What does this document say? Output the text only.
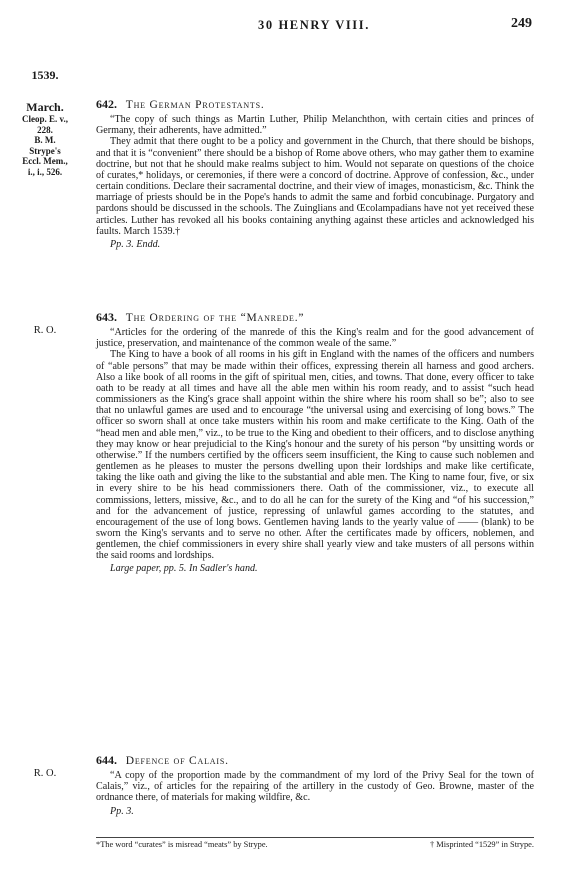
30 HENRY VIII.	249
1539.
March.
Cleop. E. v.,
228.
B. M.
Strype's
Eccl. Mem.,
i., i., 526.
R. O.
R. O.
642. The German Protestants.

“The copy of such things as Martin Luther, Philip Melanchthon, with certain cities and princes of Germany, their adherents, have admitted.”

They admit that there ought to be a policy and government in the Church, that there should be bishops, and that it is “convenient” there should be a bishop of Rome above others, who may gather them to examine doctrine, but not that he should make realms subject to him. Would not separate on questions of the choice of curates,* holidays, or ceremonies, if there were a concord of doctrine. Approve of confession, &c., under certain conditions. Declare their sacramental doctrine, and their view of images, monasticism, &c. Think the marriage of priests should be in the Pope's hands to admit the same and forbid concubinage. Purgatory and pardons should be discussed in the schools. The Zuinglians and Œcolampadians have not yet received these articles. Luther has revoked all his books containing anything against these articles and acknowledged his faults. March 1539.†

Pp. 3. Endd.
643. The Ordering of the “Manrede.”

“Articles for the ordering of the manrede of this the King's realm and for the good advancement of justice, preservation, and maintenance of the common weale of the same.”

The King to have a book of all rooms in his gift in England with the names of the officers and numbers of “able persons” that may be made within their offices, expressing therein all harness and good archers. Also a like book of all rooms in the gift of spiritual men, cities, and towns. That done, every officer to take oath to be ready at all times and have all the able men within his room ready, and to assist “such head commissioners as the King's grace shall appoint within the shire where his room shall so be”; also to see that no unlawful games are used and to encourage “the universal using and exercising of long bows.” The officer so sworn shall at once take musters within his room and make certificate to the King. Oath of the “head men and able men,” viz., to be true to the King and obedient to their officers, and to disclose anything they may know or hear prejudicial to the King's honour and the surety of his person “by unsitting words or otherwise.” If the numbers certified by the officers seem insufficient, the King to cause such noblemen and gentlemen as he pleases to muster the persons dwelling upon their lordships and make like certificate, taking the like oath and giving the like to the substantial and able men. The King to name four, five, or six in every shire to be his head commissioners there. Oath of the commissioner, viz., to execute all commissions, letters, missive, &c., and to do all he can for the surety of the King and “of his succession,” and for the advancement of justice, repressing of unlawful games according to the statutes, and encouragement of the use of long bows. Gentlemen having lands to the yearly value of —— (blank) to be sworn the King's servants and to serve no other. After the certificates made by officers, noblemen, and gentlemen, the chief commissioners in every shire shall yearly view and take musters of all persons within the said rooms and lordships.

Large paper, pp. 5. In Sadler's hand.
644. Defence of Calais.

“A copy of the proportion made by the commandment of my lord of the Privy Seal for the town of Calais,” viz., of articles for the repairing of the artillery in the custody of Geo. Browne, master of the ordnance there, of materials for making wildfire, &c.

Pp. 3.
*The word “curates” is misread “meats” by Strype.	† Misprinted “1529” in Strype.
